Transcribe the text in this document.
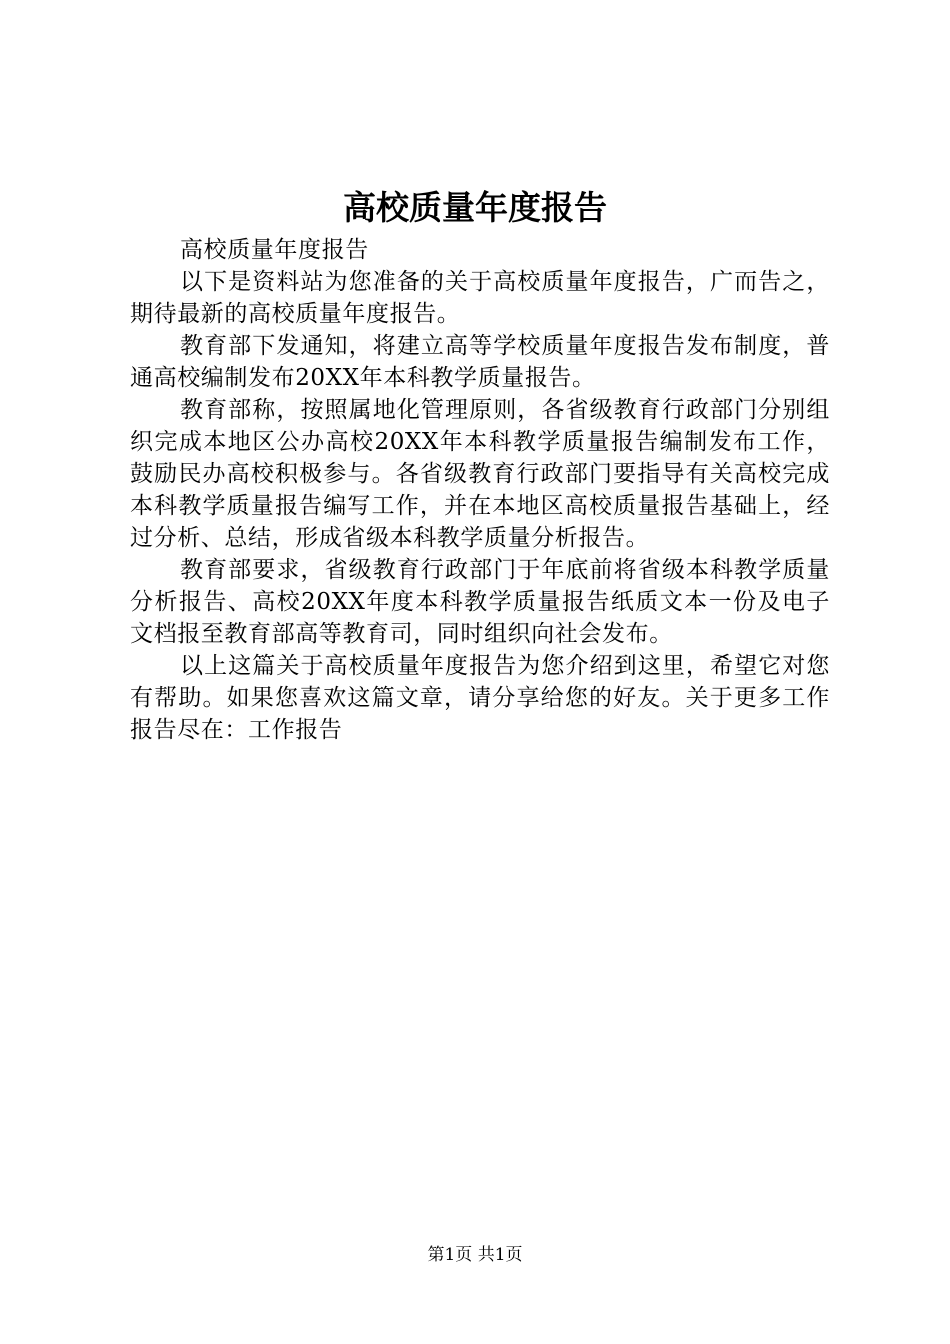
高校质量年度报告

高校质量年度报告

以下是资料站为您准备的关于高校质量年度报告，广而告之，期待最新的高校质量年度报告。

教育部下发通知，将建立高等学校质量年度报告发布制度，普通高校编制发布20XX年本科教学质量报告。

教育部称，按照属地化管理原则，各省级教育行政部门分别组织完成本地区公办高校20XX年本科教学质量报告编制发布工作，鼓励民办高校积极参与。各省级教育行政部门要指导有关高校完成本科教学质量报告编写工作，并在本地区高校质量报告基础上，经过分析、总结，形成省级本科教学质量分析报告。

教育部要求，省级教育行政部门于年底前将省级本科教学质量分析报告、高校20XX年度本科教学质量报告纸质文本一份及电子文档报至教育部高等教育司，同时组织向社会发布。

以上这篇关于高校质量年度报告为您介绍到这里，希望它对您有帮助。如果您喜欢这篇文章，请分享给您的好友。关于更多工作报告尽在：工作报告

第1页 共1页
